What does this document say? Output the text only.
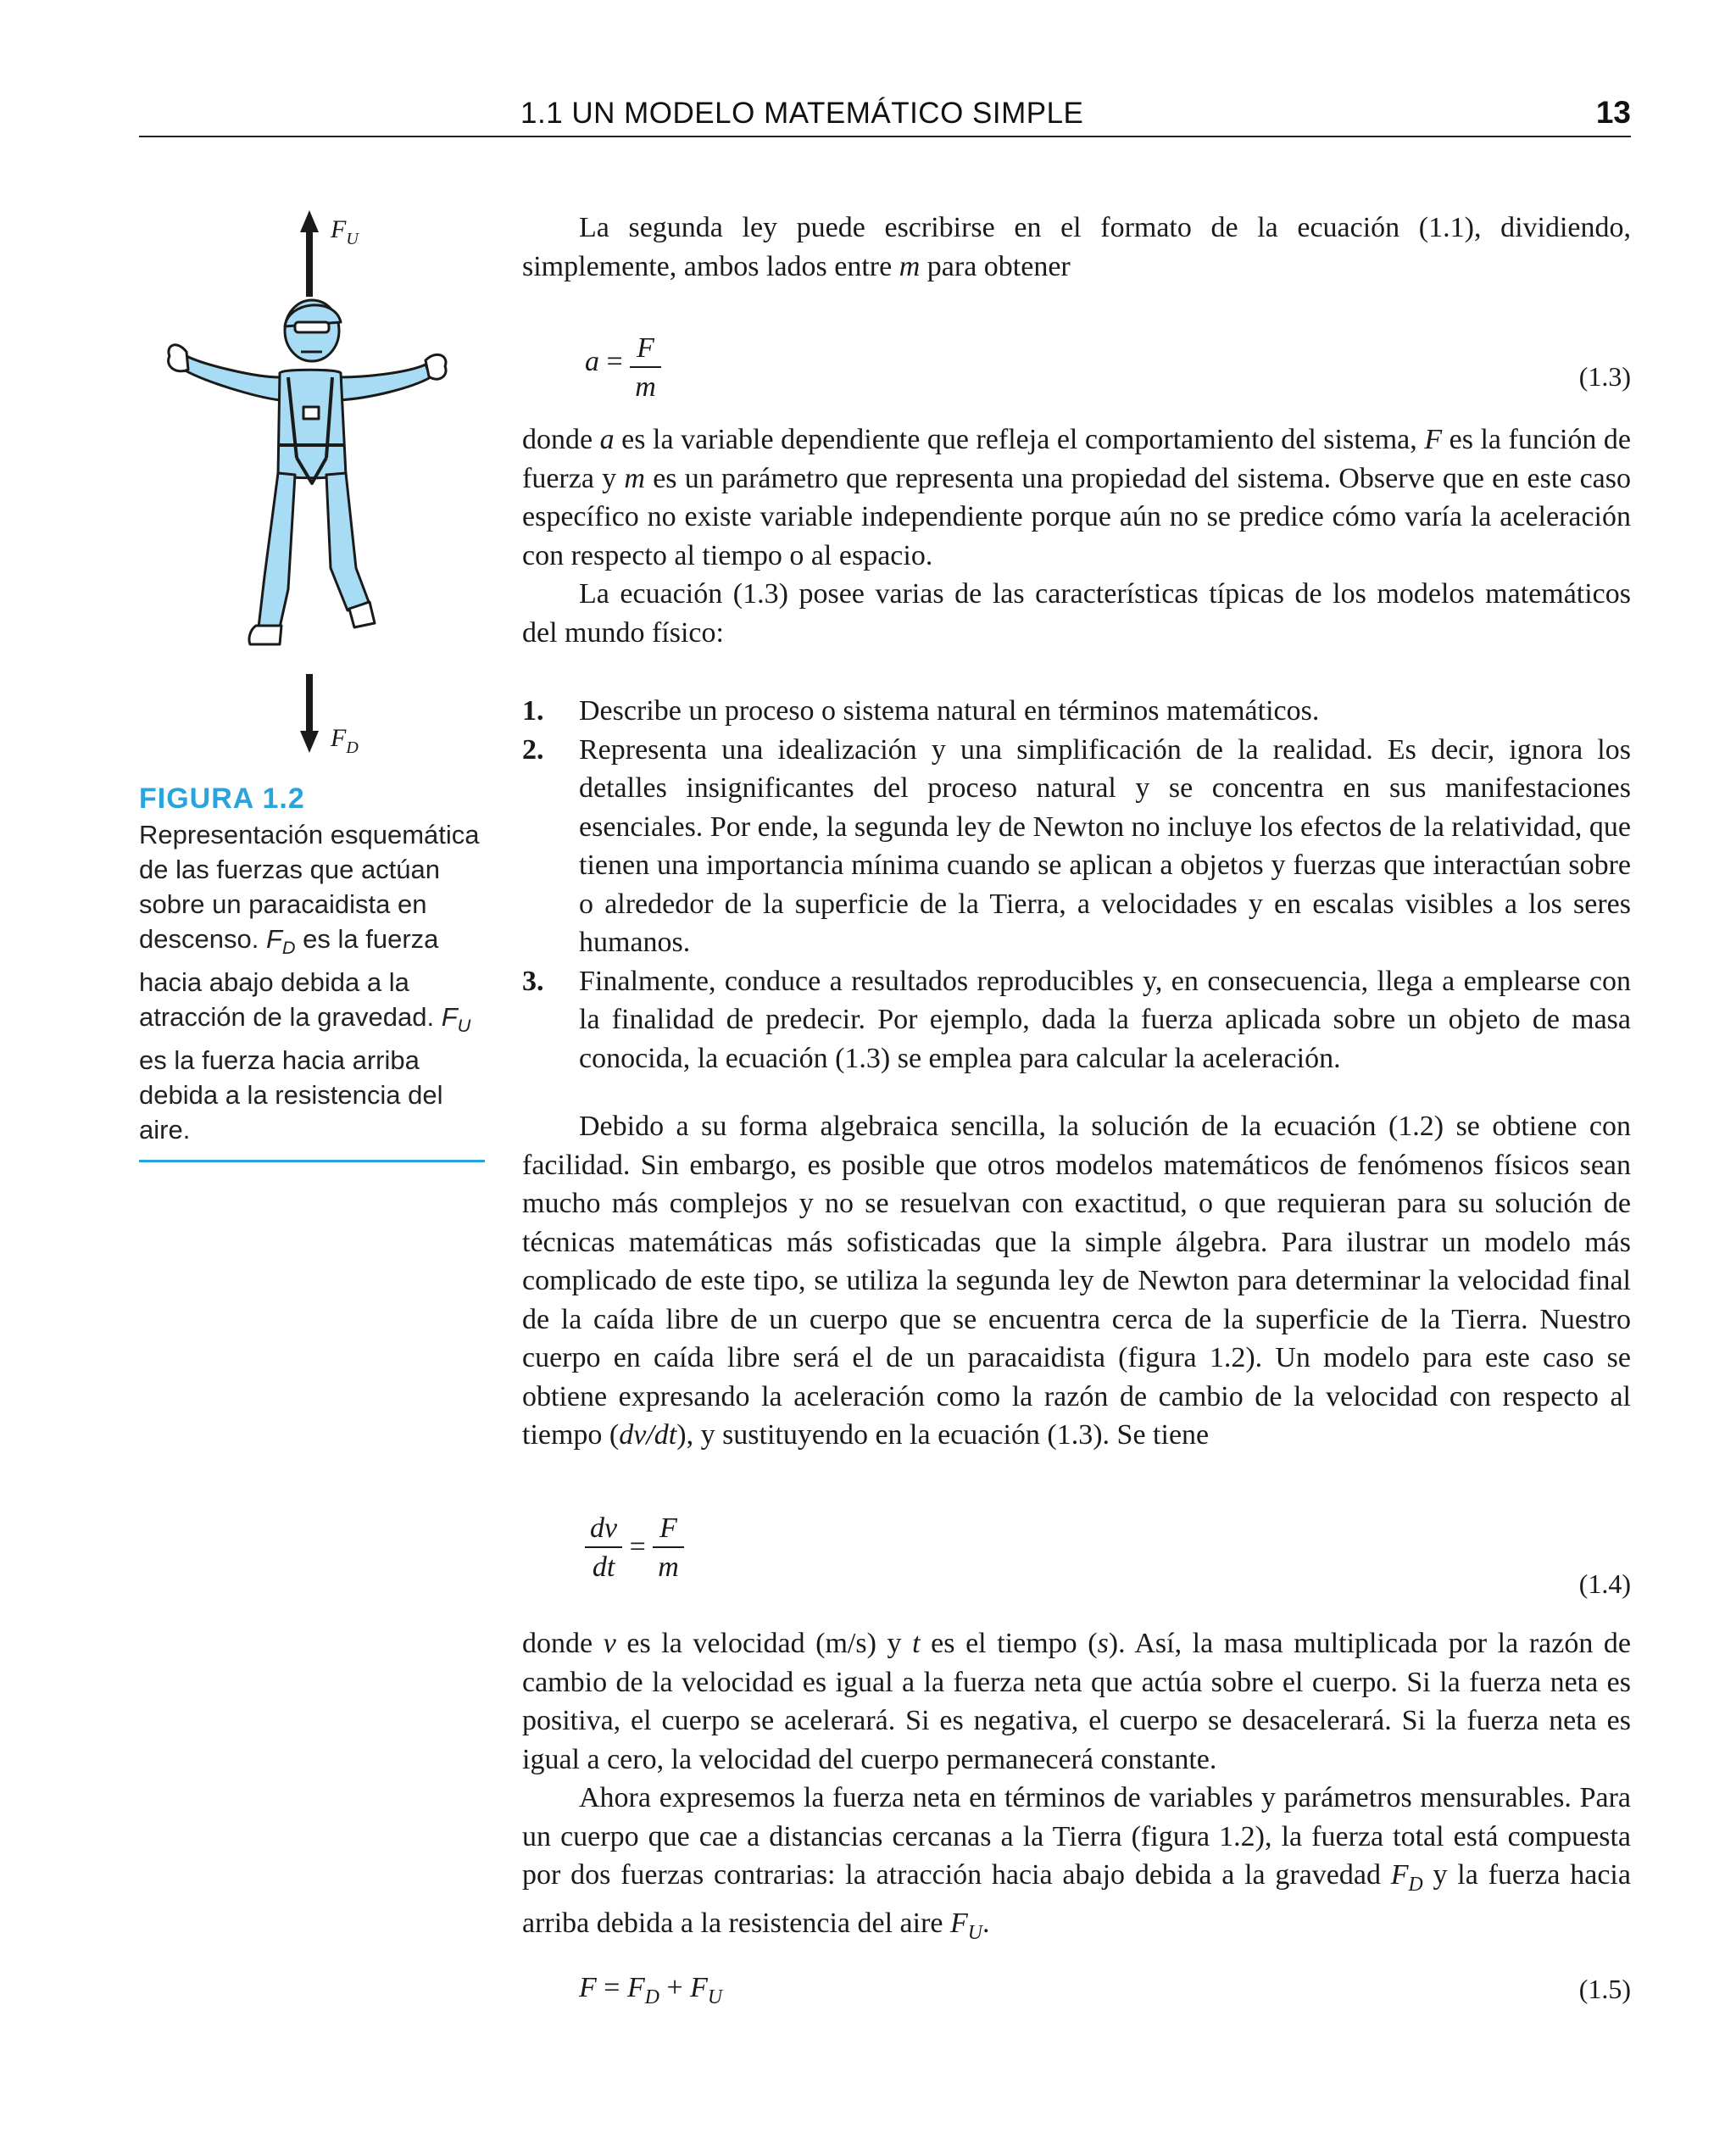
1.1 UN MODELO MATEMÁTICO SIMPLE	13
$F_U$
$F_D$
FIGURA 1.2
Representación esquemática de las fuerzas que actúan sobre un paracaidista en descenso. $F_D$ es la fuerza hacia abajo debida a la atracción de la gravedad. $F_U$ es la fuerza hacia arriba debida a la resistencia del aire.

La segunda ley puede escribirse en el formato de la ecuación (1.1), dividiendo, simplemente, ambos lados entre m para obtener

$a = \frac{F}{m}$	(1.3)

donde a es la variable dependiente que refleja el comportamiento del sistema, F es la función de fuerza y m es un parámetro que representa una propiedad del sistema. Observe que en este caso específico no existe variable independiente porque aún no se predice cómo varía la aceleración con respecto al tiempo o al espacio.

La ecuación (1.3) posee varias de las características típicas de los modelos matemáticos del mundo físico:

1. Describe un proceso o sistema natural en términos matemáticos.
2. Representa una idealización y una simplificación de la realidad. Es decir, ignora los detalles insignificantes del proceso natural y se concentra en sus manifestaciones esenciales. Por ende, la segunda ley de Newton no incluye los efectos de la relatividad, que tienen una importancia mínima cuando se aplican a objetos y fuerzas que interactúan sobre o alrededor de la superficie de la Tierra, a velocidades y en escalas visibles a los seres humanos.
3. Finalmente, conduce a resultados reproducibles y, en consecuencia, llega a emplearse con la finalidad de predecir. Por ejemplo, dada la fuerza aplicada sobre un objeto de masa conocida, la ecuación (1.3) se emplea para calcular la aceleración.

Debido a su forma algebraica sencilla, la solución de la ecuación (1.2) se obtiene con facilidad. Sin embargo, es posible que otros modelos matemáticos de fenómenos físicos sean mucho más complejos y no se resuelvan con exactitud, o que requieran para su solución de técnicas matemáticas más sofisticadas que la simple álgebra. Para ilustrar un modelo más complicado de este tipo, se utiliza la segunda ley de Newton para determinar la velocidad final de la caída libre de un cuerpo que se encuentra cerca de la superficie de la Tierra. Nuestro cuerpo en caída libre será el de un paracaidista (figura 1.2). Un modelo para este caso se obtiene expresando la aceleración como la razón de cambio de la velocidad con respecto al tiempo (dv/dt), y sustituyendo en la ecuación (1.3). Se tiene

$\frac{dv}{dt} = \frac{F}{m}$	(1.4)

donde v es la velocidad (m/s) y t es el tiempo (s). Así, la masa multiplicada por la razón de cambio de la velocidad es igual a la fuerza neta que actúa sobre el cuerpo. Si la fuerza neta es positiva, el cuerpo se acelerará. Si es negativa, el cuerpo se desacelerará. Si la fuerza neta es igual a cero, la velocidad del cuerpo permanecerá constante.

Ahora expresemos la fuerza neta en términos de variables y parámetros mensurables. Para un cuerpo que cae a distancias cercanas a la Tierra (figura 1.2), la fuerza total está compuesta por dos fuerzas contrarias: la atracción hacia abajo debida a la gravedad $F_D$ y la fuerza hacia arriba debida a la resistencia del aire $F_U$.

$F = F_D + F_U$	(1.5)
